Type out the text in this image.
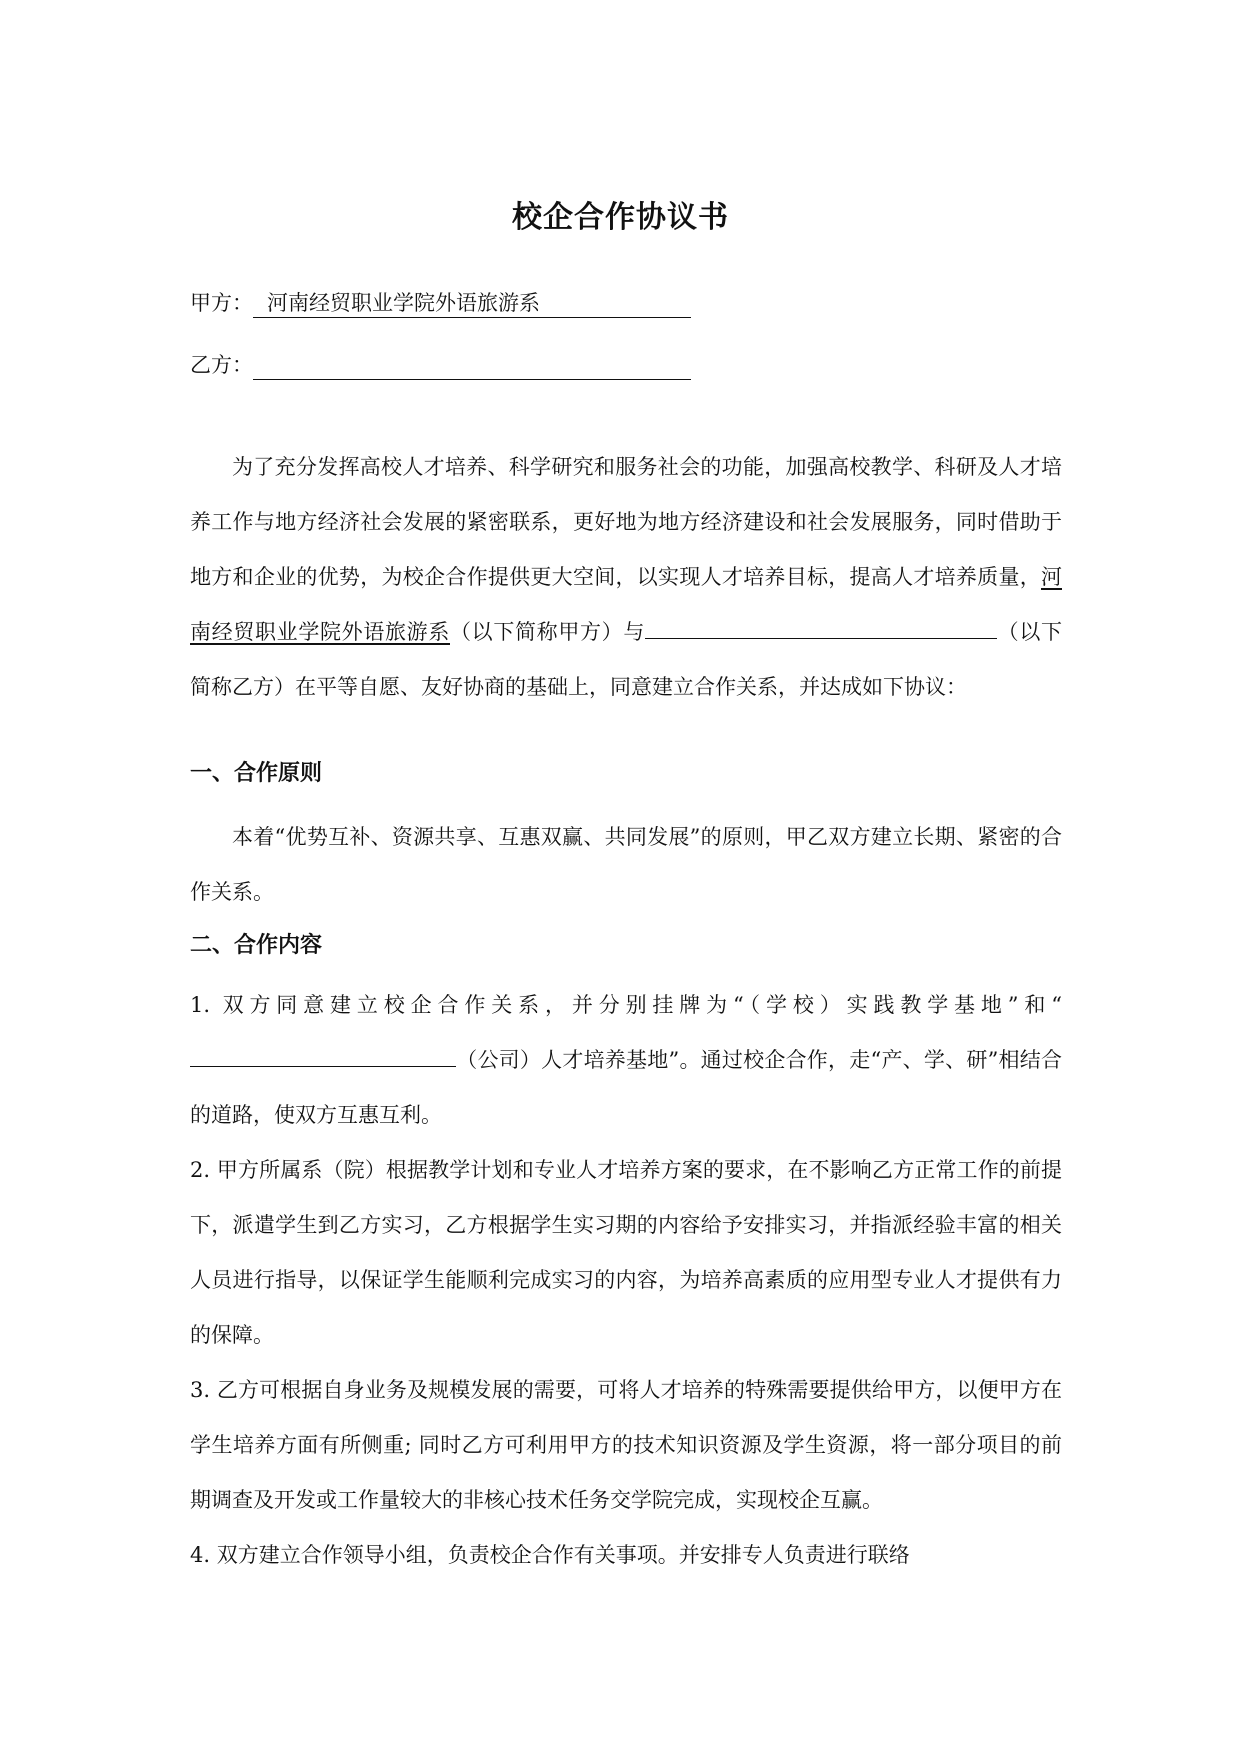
校企合作协议书
甲方： 河南经贸职业学院外语旅游系
乙方：

为了充分发挥高校人才培养、科学研究和服务社会的功能，加强高校教学、科研及人才培养工作与地方经济社会发展的紧密联系，更好地为地方经济建设和社会发展服务，同时借助于地方和企业的优势，为校企合作提供更大空间，以实现人才培养目标，提高人才培养质量，河南经贸职业学院外语旅游系（以下简称甲方）与	（以下简称乙方）在平等自愿、友好协商的基础上，同意建立合作关系，并达成如下协议：

一、合作原则

本着“优势互补、资源共享、互惠双赢、共同发展”的原则，甲乙双方建立长期、紧密的合作关系。

二、合作内容

1. 双方同意建立校企合作关系，并分别挂牌为“（学校）实践教学基地”和“（公司）人才培养基地”。通过校企合作，走“产、学、研”相结合的道路，使双方互惠互利。

2. 甲方所属系（院）根据教学计划和专业人才培养方案的要求，在不影响乙方正常工作的前提下，派遣学生到乙方实习，乙方根据学生实习期的内容给予安排实习，并指派经验丰富的相关人员进行指导，以保证学生能顺利完成实习的内容，为培养高素质的应用型专业人才提供有力的保障。

3. 乙方可根据自身业务及规模发展的需要，可将人才培养的特殊需要提供给甲方，以便甲方在学生培养方面有所侧重; 同时乙方可利用甲方的技术知识资源及学生资源，将一部分项目的前期调查及开发或工作量较大的非核心技术任务交学院完成，实现校企互赢。

4. 双方建立合作领导小组，负责校企合作有关事项。并安排专人负责进行联络
